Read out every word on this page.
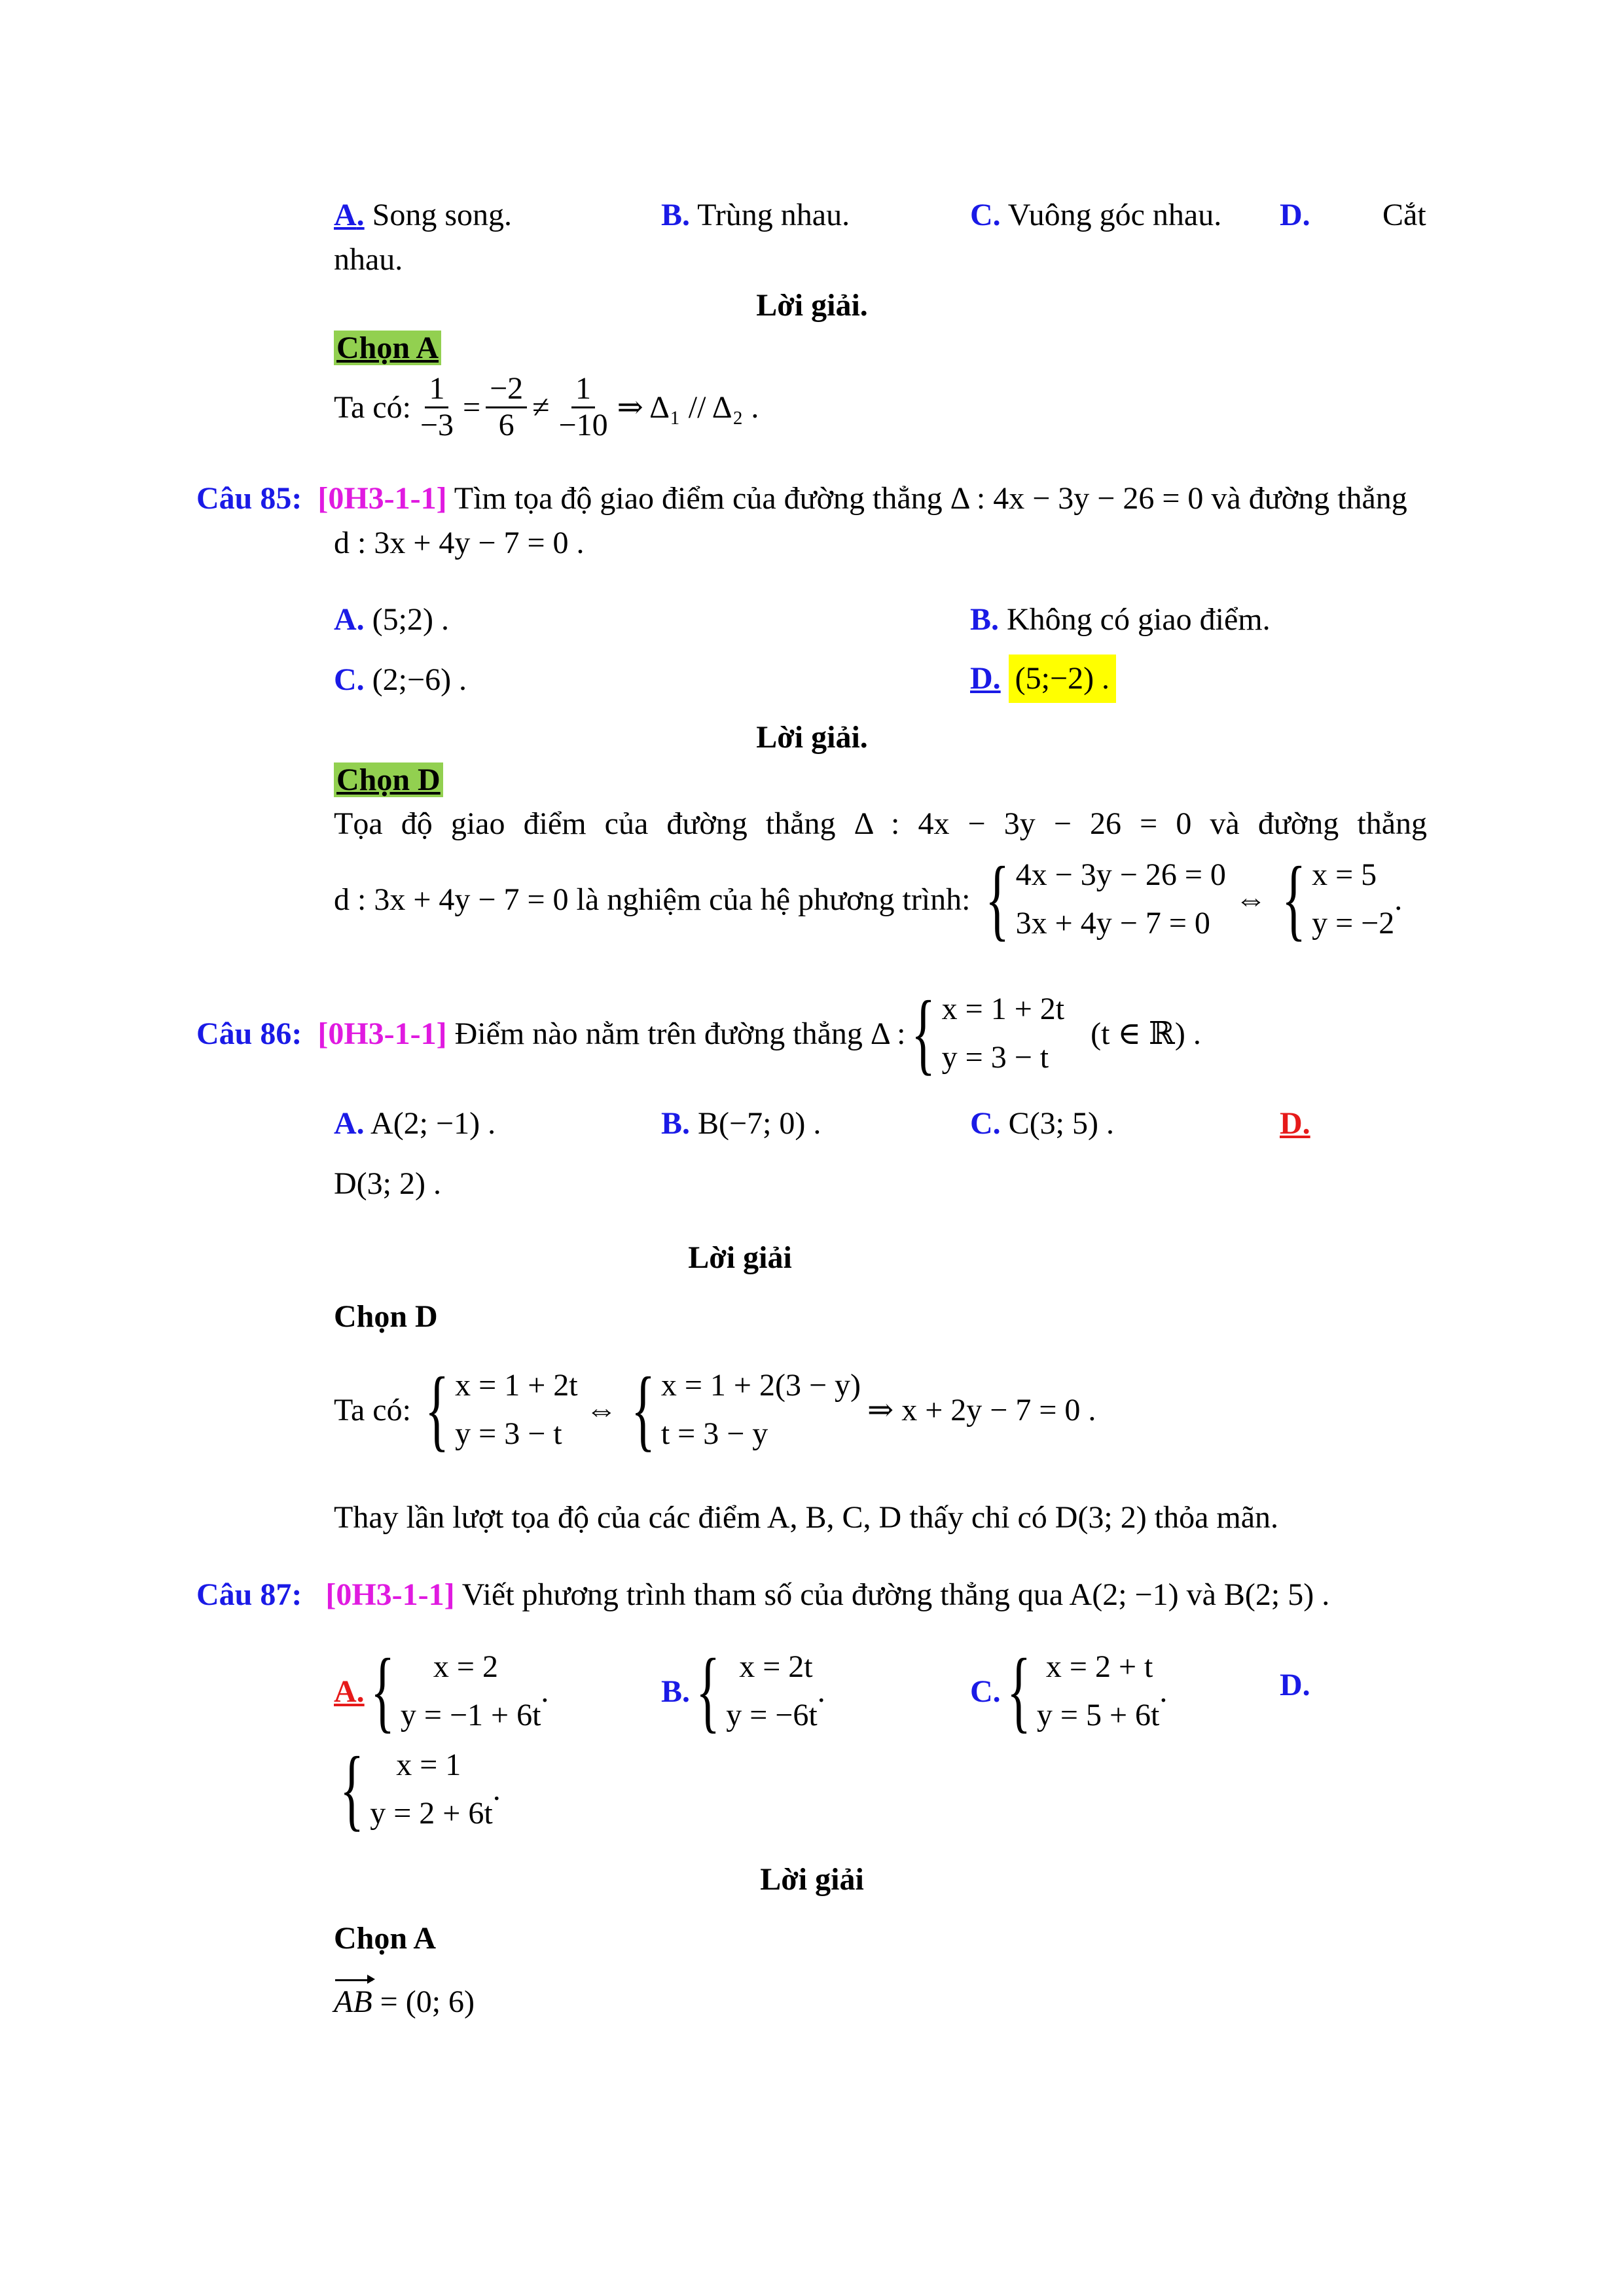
A. Song song.	B. Trùng nhau.	C. Vuông góc nhau. D. Cắt
nhau.
Lời giải.
Chọn A
Ta có: $\frac{1}{-3} = \frac{-2}{6} \ne \frac{1}{-10}$ ⇒ Δ₁ // Δ₂ .
Câu 85: [0H3-1-1] Tìm tọa độ giao điểm của đường thẳng Δ : 4x − 3y − 26 = 0 và đường thẳng
d : 3x + 4y − 7 = 0 .
A. (5;2) .	B. Không có giao điểm.
C. (2;−6) .	D. (5;−2) .
Lời giải.
Chọn D
Tọa độ giao điểm của đường thẳng Δ : 4x − 3y − 26 = 0 và đường thẳng
d : 3x + 4y − 7 = 0 là nghiệm của hệ phương trình: { 4x − 3y − 26 = 0
3x + 4y − 7 = 0
⇔ { x = 5
y = −2
.
Câu 86:
[0H3-1-1]
Điểm nào nằm trên đường thẳng Δ : { x = 1 + 2t
y = 3 − t
(t ∈ ℝ) .
A. A(2; −1) .	B. B(−7; 0) .	C. C(3; 5) .	D.
D(3; 2) .
Lời giải
Chọn D
Ta có: { x = 1 + 2t
y = 3 − t
⇔ { x = 1 + 2(3 − y)
t = 3 − y
⇒ x + 2y − 7 = 0 .
Thay lần lượt tọa độ của các điểm A, B, C, D thấy chỉ có D(3; 2) thỏa mãn.
Câu 87: [0H3-1-1] Viết phương trình tham số của đường thẳng qua A(2; −1) và B(2; 5) .
A. {	x = 2
y = −1 + 6t
.	B. { x = 2t
y = −6t
.	C. { x = 2 + t
y = 5 + 6t
.	D.
{	x = 1
y = 2 + 6t
.
Lời giải
Chọn A
AB = (0; 6)
